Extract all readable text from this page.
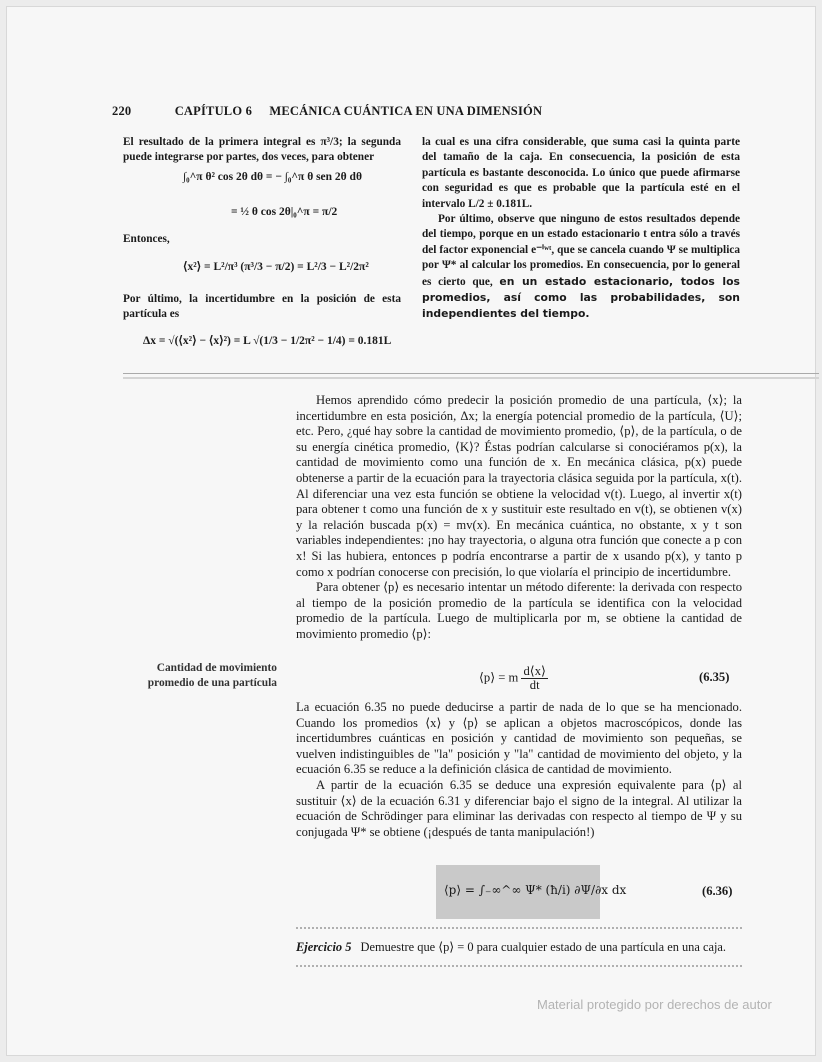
220	CAPÍTULO 6 MECÁNICA CUÁNTICA EN UNA DIMENSIÓN
El resultado de la primera integral es π³/3; la segunda puede integrarse por partes, dos veces, para obtener
∫₀^π θ² cos 2θ dθ = − ∫₀^π θ sen 2θ dθ
= ½ θ cos 2θ|₀^π = π/2
Entonces,
⟨x²⟩ = L²/π³ (π³/3 − π/2) = L²/3 − L²/2π²
Por último, la incertidumbre en la posición de esta partícula es
Δx = √(⟨x²⟩ − ⟨x⟩²) = L √(1/3 − 1/2π² − 1/4) = 0.181L

la cual es una cifra considerable, que suma casi la quinta parte del tamaño de la caja. En consecuencia, la posición de esta partícula es bastante desconocida. Lo único que puede afirmarse con seguridad es que es probable que la partícula esté en el intervalo L/2 ± 0.181L.

Por último, observe que ninguno de estos resultados depende del tiempo, porque en un estado estacionario t entra sólo a través del factor exponencial e⁻ⁱʷᵗ, que se cancela cuando Ψ se multiplica por Ψ* al calcular los promedios. En consecuencia, por lo general es cierto que, en un estado estacionario, todos los promedios, así como las probabilidades, son independientes del tiempo.

Hemos aprendido cómo predecir la posición promedio de una partícula, ⟨x⟩; la incertidumbre en esta posición, Δx; la energía potencial promedio de la partícula, ⟨U⟩; etc. Pero, ¿qué hay sobre la cantidad de movimiento promedio, ⟨p⟩, de la partícula, o de su energía cinética promedio, ⟨K⟩? Éstas podrían calcularse si conociéramos p(x), la cantidad de movimiento como una función de x. En mecánica clásica, p(x) puede obtenerse a partir de la ecuación para la trayectoria clásica seguida por la partícula, x(t). Al diferenciar una vez esta función se obtiene la velocidad v(t). Luego, al invertir x(t) para obtener t como una función de x y sustituir este resultado en v(t), se obtienen v(x) y la relación buscada p(x) = mv(x). En mecánica cuántica, no obstante, x y t son variables independientes: ¡no hay trayectoria, o alguna otra función que conecte a p con x! Si las hubiera, entonces p podría encontrarse a partir de x usando p(x), y tanto p como x podrían conocerse con precisión, lo que violaría el principio de incertidumbre.

Para obtener ⟨p⟩ es necesario intentar un método diferente: la derivada con respecto al tiempo de la posición promedio de la partícula se identifica con la velocidad promedio de la partícula. Luego de multiplicarla por m, se obtiene la cantidad de movimiento promedio ⟨p⟩:

Cantidad de movimiento promedio de una partícula	⟨p⟩ = m $\frac{d⟨x⟩}{dt}$	(6.35)

La ecuación 6.35 no puede deducirse a partir de nada de lo que se ha mencionado. Cuando los promedios ⟨x⟩ y ⟨p⟩ se aplican a objetos macroscópicos, donde las incertidumbres cuánticas en posición y cantidad de movimiento son pequeñas, se vuelven indistinguibles de "la" posición y "la" cantidad de movimiento del objeto, y la ecuación 6.35 se reduce a la definición clásica de cantidad de movimiento.

A partir de la ecuación 6.35 se deduce una expresión equivalente para ⟨p⟩ al sustituir ⟨x⟩ de la ecuación 6.31 y diferenciar bajo el signo de la integral. Al utilizar la ecuación de Schrödinger para eliminar las derivadas con respecto al tiempo de Ψ y su conjugada Ψ* se obtiene (¡después de tanta manipulación!)

⟨p⟩ = ∫₋∞^∞ Ψ* (ħ/i) ∂Ψ/∂x dx	(6.36)
Ejercicio 5 Demuestre que ⟨p⟩ = 0 para cualquier estado de una partícula en una caja.
Material protegido por derechos de autor
